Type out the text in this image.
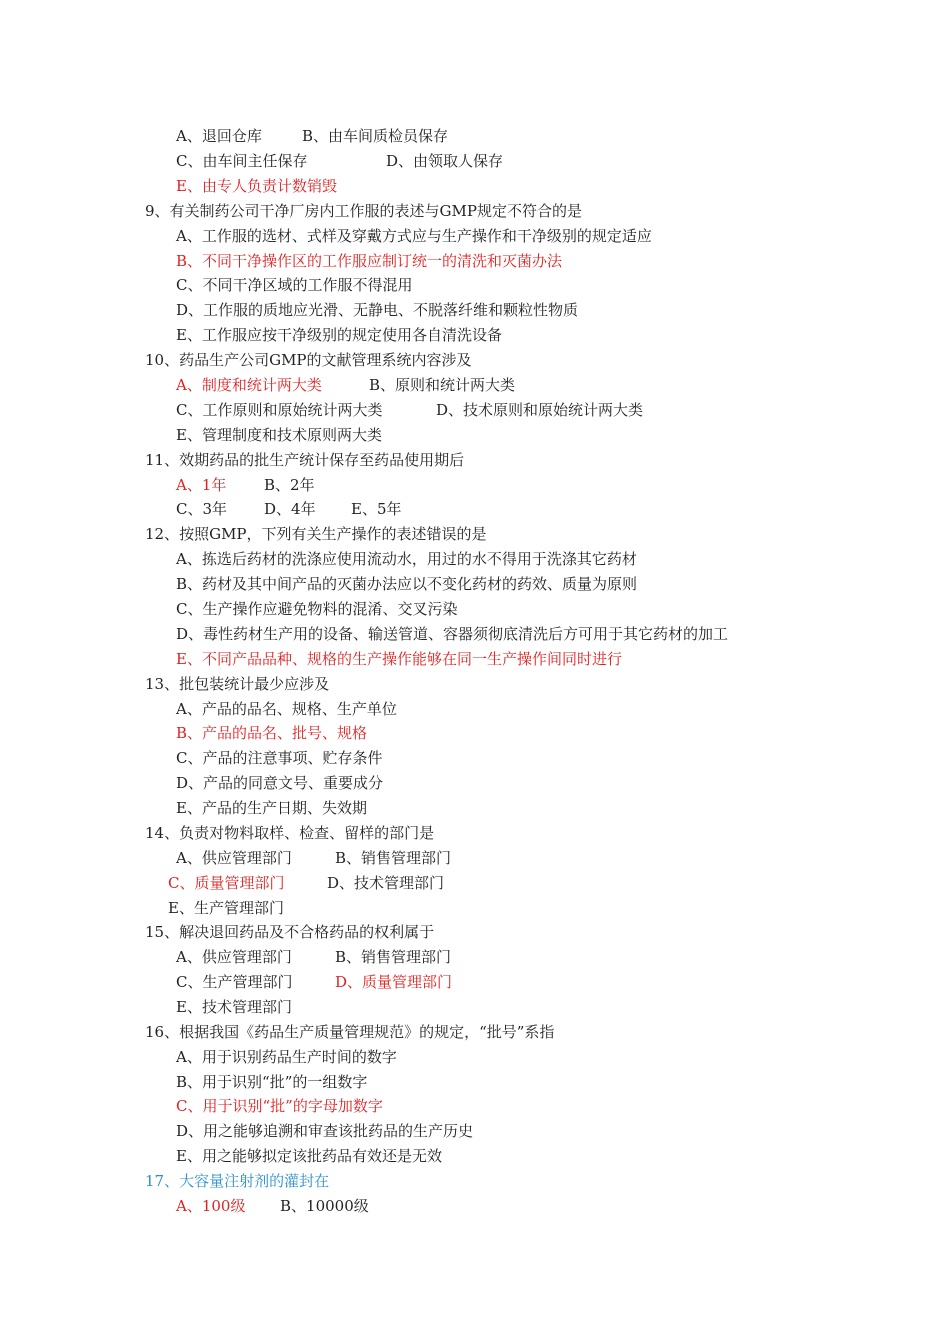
A、退回仓库

	B、由车间质检员保存

C、由车间主任保存

	D、由领取人保存

E、由专人负责计数销毁
9、有关制药公司干净厂房内工作服的表述与GMP规定不符合的是
A、工作服的选材、式样及穿戴方式应与生产操作和干净级别的规定适应
B、不同干净操作区的工作服应制订统一的清洗和灭菌办法
C、不同干净区域的工作服不得混用
D、工作服的质地应光滑、无静电、不脱落纤维和颗粒性物质
E、工作服应按干净级别的规定使用各自清洗设备
10、药品生产公司GMP的文献管理系统内容涉及

A、制度和统计两大类

	B、原则和统计两大类

C、工作原则和原始统计两大类

	D、技术原则和原始统计两大类

E、管理制度和技术原则两大类
11、效期药品的批生产统计保存至药品使用期后

A、1年

	B、2年

C、3年

D、4年

E、5年

12、按照GMP，下列有关生产操作的表述错误的是
A、拣选后药材的洗涤应使用流动水，用过的水不得用于洗涤其它药材
B、药材及其中间产品的灭菌办法应以不变化药材的药效、质量为原则
C、生产操作应避免物料的混淆、交叉污染
D、毒性药材生产用的设备、输送管道、容器须彻底清洗后方可用于其它药材的加工
E、不同产品品种、规格的生产操作能够在同一生产操作间同时进行
13、批包装统计最少应涉及
A、产品的品名、规格、生产单位
B、产品的品名、批号、规格
C、产品的注意事项、贮存条件
D、产品的同意文号、重要成分
E、产品的生产日期、失效期
14、负责对物料取样、检查、留样的部门是

A、供应管理部门

	B、销售管理部门

C、质量管理部门

	D、技术管理部门

E、生产管理部门
15、解决退回药品及不合格药品的权利属于

A、供应管理部门

	B、销售管理部门

C、生产管理部门

	D、质量管理部门

E、技术管理部门
16、根据我国《药品生产质量管理规范》的规定，“批号”系指
A、用于识别药品生产时间的数字
B、用于识别“批”的一组数字
C、用于识别“批”的字母加数字
D、用之能够追溯和审查该批药品的生产历史
E、用之能够拟定该批药品有效还是无效
17、大容量注射剂的灌封在

A、100级

B、10000级
